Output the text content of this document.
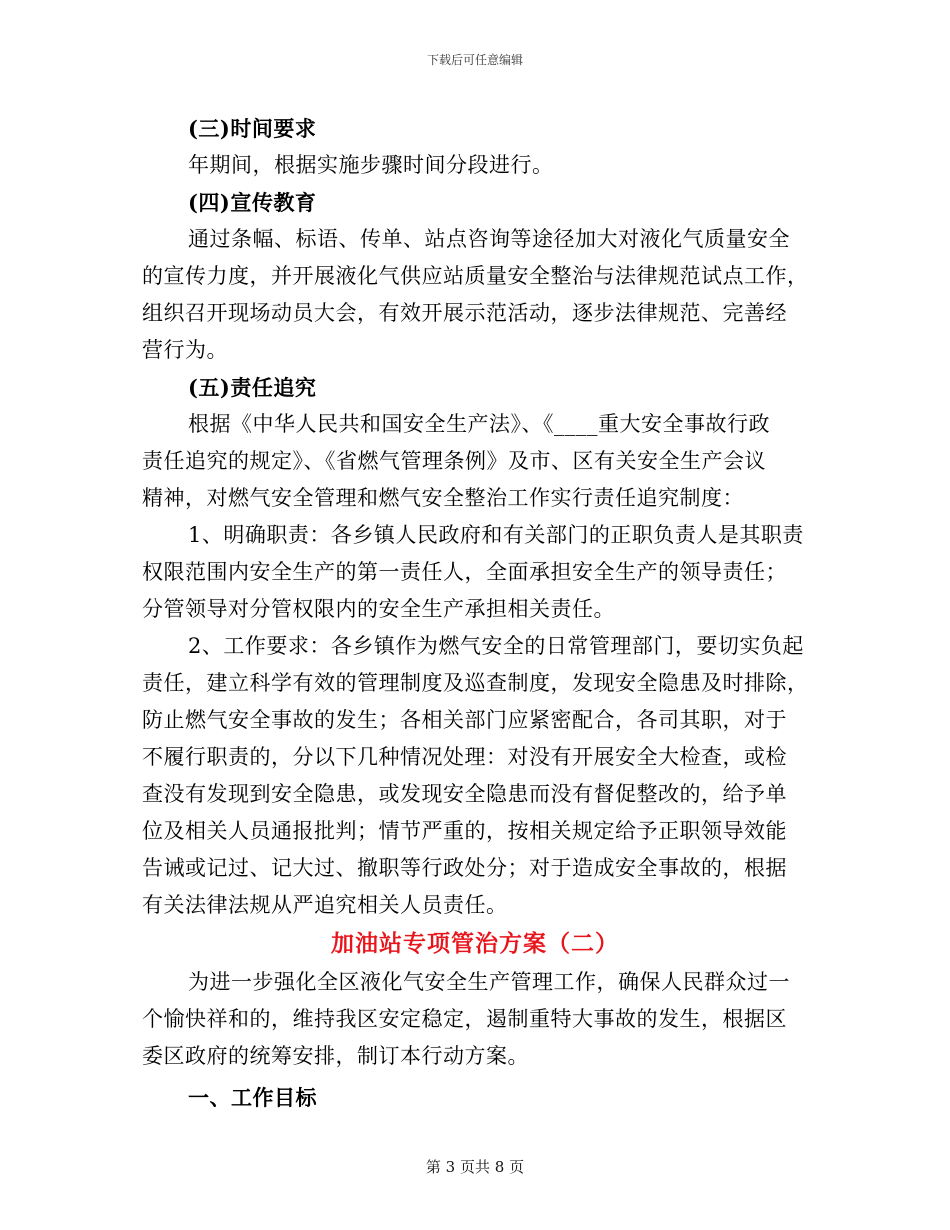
下载后可任意编辑

(三)时间要求

年期间，根据实施步骤时间分段进行。

(四)宣传教育

通过条幅、标语、传单、站点咨询等途径加大对液化气质量安全

的宣传力度，并开展液化气供应站质量安全整治与法律规范试点工作，

组织召开现场动员大会，有效开展示范活动，逐步法律规范、完善经

营行为。

(五)责任追究

根据《中华人民共和国安全生产法》、《____重大安全事故行政

责任追究的规定》、《省燃气管理条例》及市、区有关安全生产会议

精神，对燃气安全管理和燃气安全整治工作实行责任追究制度：

1、明确职责：各乡镇人民政府和有关部门的正职负责人是其职责

权限范围内安全生产的第一责任人，全面承担安全生产的领导责任；

分管领导对分管权限内的安全生产承担相关责任。

2、工作要求：各乡镇作为燃气安全的日常管理部门，要切实负起

责任，建立科学有效的管理制度及巡查制度，发现安全隐患及时排除，

防止燃气安全事故的发生；各相关部门应紧密配合，各司其职，对于

不履行职责的，分以下几种情况处理：对没有开展安全大检查，或检

查没有发现到安全隐患，或发现安全隐患而没有督促整改的，给予单

位及相关人员通报批判；情节严重的，按相关规定给予正职领导效能

告诫或记过、记大过、撤职等行政处分；对于造成安全事故的，根据

有关法律法规从严追究相关人员责任。

加油站专项管治方案（二）

为进一步强化全区液化气安全生产管理工作，确保人民群众过一

个愉快祥和的，维持我区安定稳定，遏制重特大事故的发生，根据区

委区政府的统筹安排，制订本行动方案。

一、工作目标

第 3 页共 8 页
